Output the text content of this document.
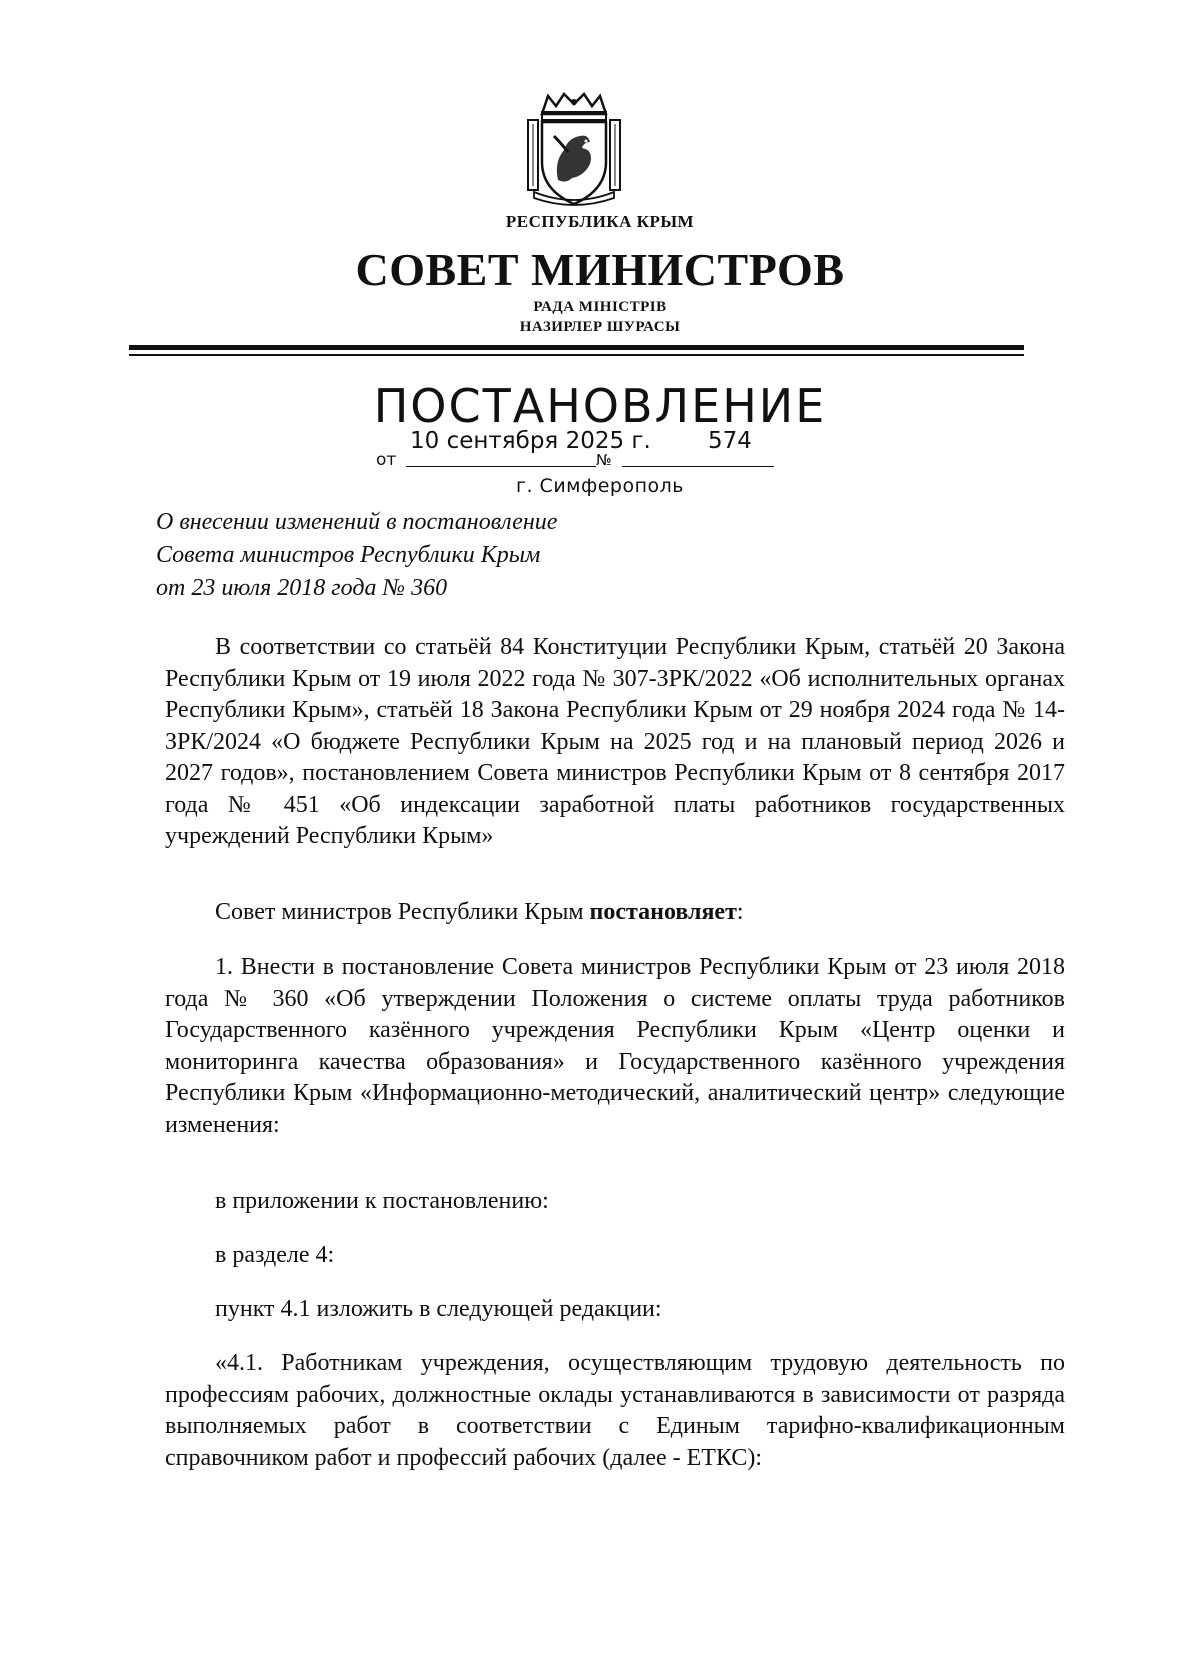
РЕСПУБЛИКА КРЫМ
СОВЕТ МИНИСТРОВ
РАДА МІНІСТРІВ
НАЗИРЛЕР ШУРАСЫ
ПОСТАНОВЛЕНИЕ
10 сентября 2025 г. 574
от	№
г. Симферополь
О внесении изменений в постановление
Совета министров Республики Крым
от 23 июля 2018 года № 360

В соответствии со статьёй 84 Конституции Республики Крым, статьёй 20 Закона Республики Крым от 19 июля 2022 года № 307-ЗРК/2022 «Об исполнительных органах Республики Крым», статьёй 18 Закона Республики Крым от 29 ноября 2024 года № 14-ЗРК/2024 «О бюджете Республики Крым на 2025 год и на плановый период 2026 и 2027 годов», постановлением Совета министров Республики Крым от 8 сентября 2017 года № 451 «Об индексации заработной платы работников государственных учреждений Республики Крым»

Совет министров Республики Крым постановляет:

1. Внести в постановление Совета министров Республики Крым от 23 июля 2018 года № 360 «Об утверждении Положения о системе оплаты труда работников Государственного казённого учреждения Республики Крым «Центр оценки и мониторинга качества образования» и Государственного казённого учреждения Республики Крым «Информационно-методический, аналитический центр» следующие изменения:

в приложении к постановлению:

в разделе 4:

пункт 4.1 изложить в следующей редакции:

«4.1. Работникам учреждения, осуществляющим трудовую деятельность по профессиям рабочих, должностные оклады устанавливаются в зависимости от разряда выполняемых работ в соответствии с Единым тарифно-квалификационным справочником работ и профессий рабочих (далее - ЕТКС):
